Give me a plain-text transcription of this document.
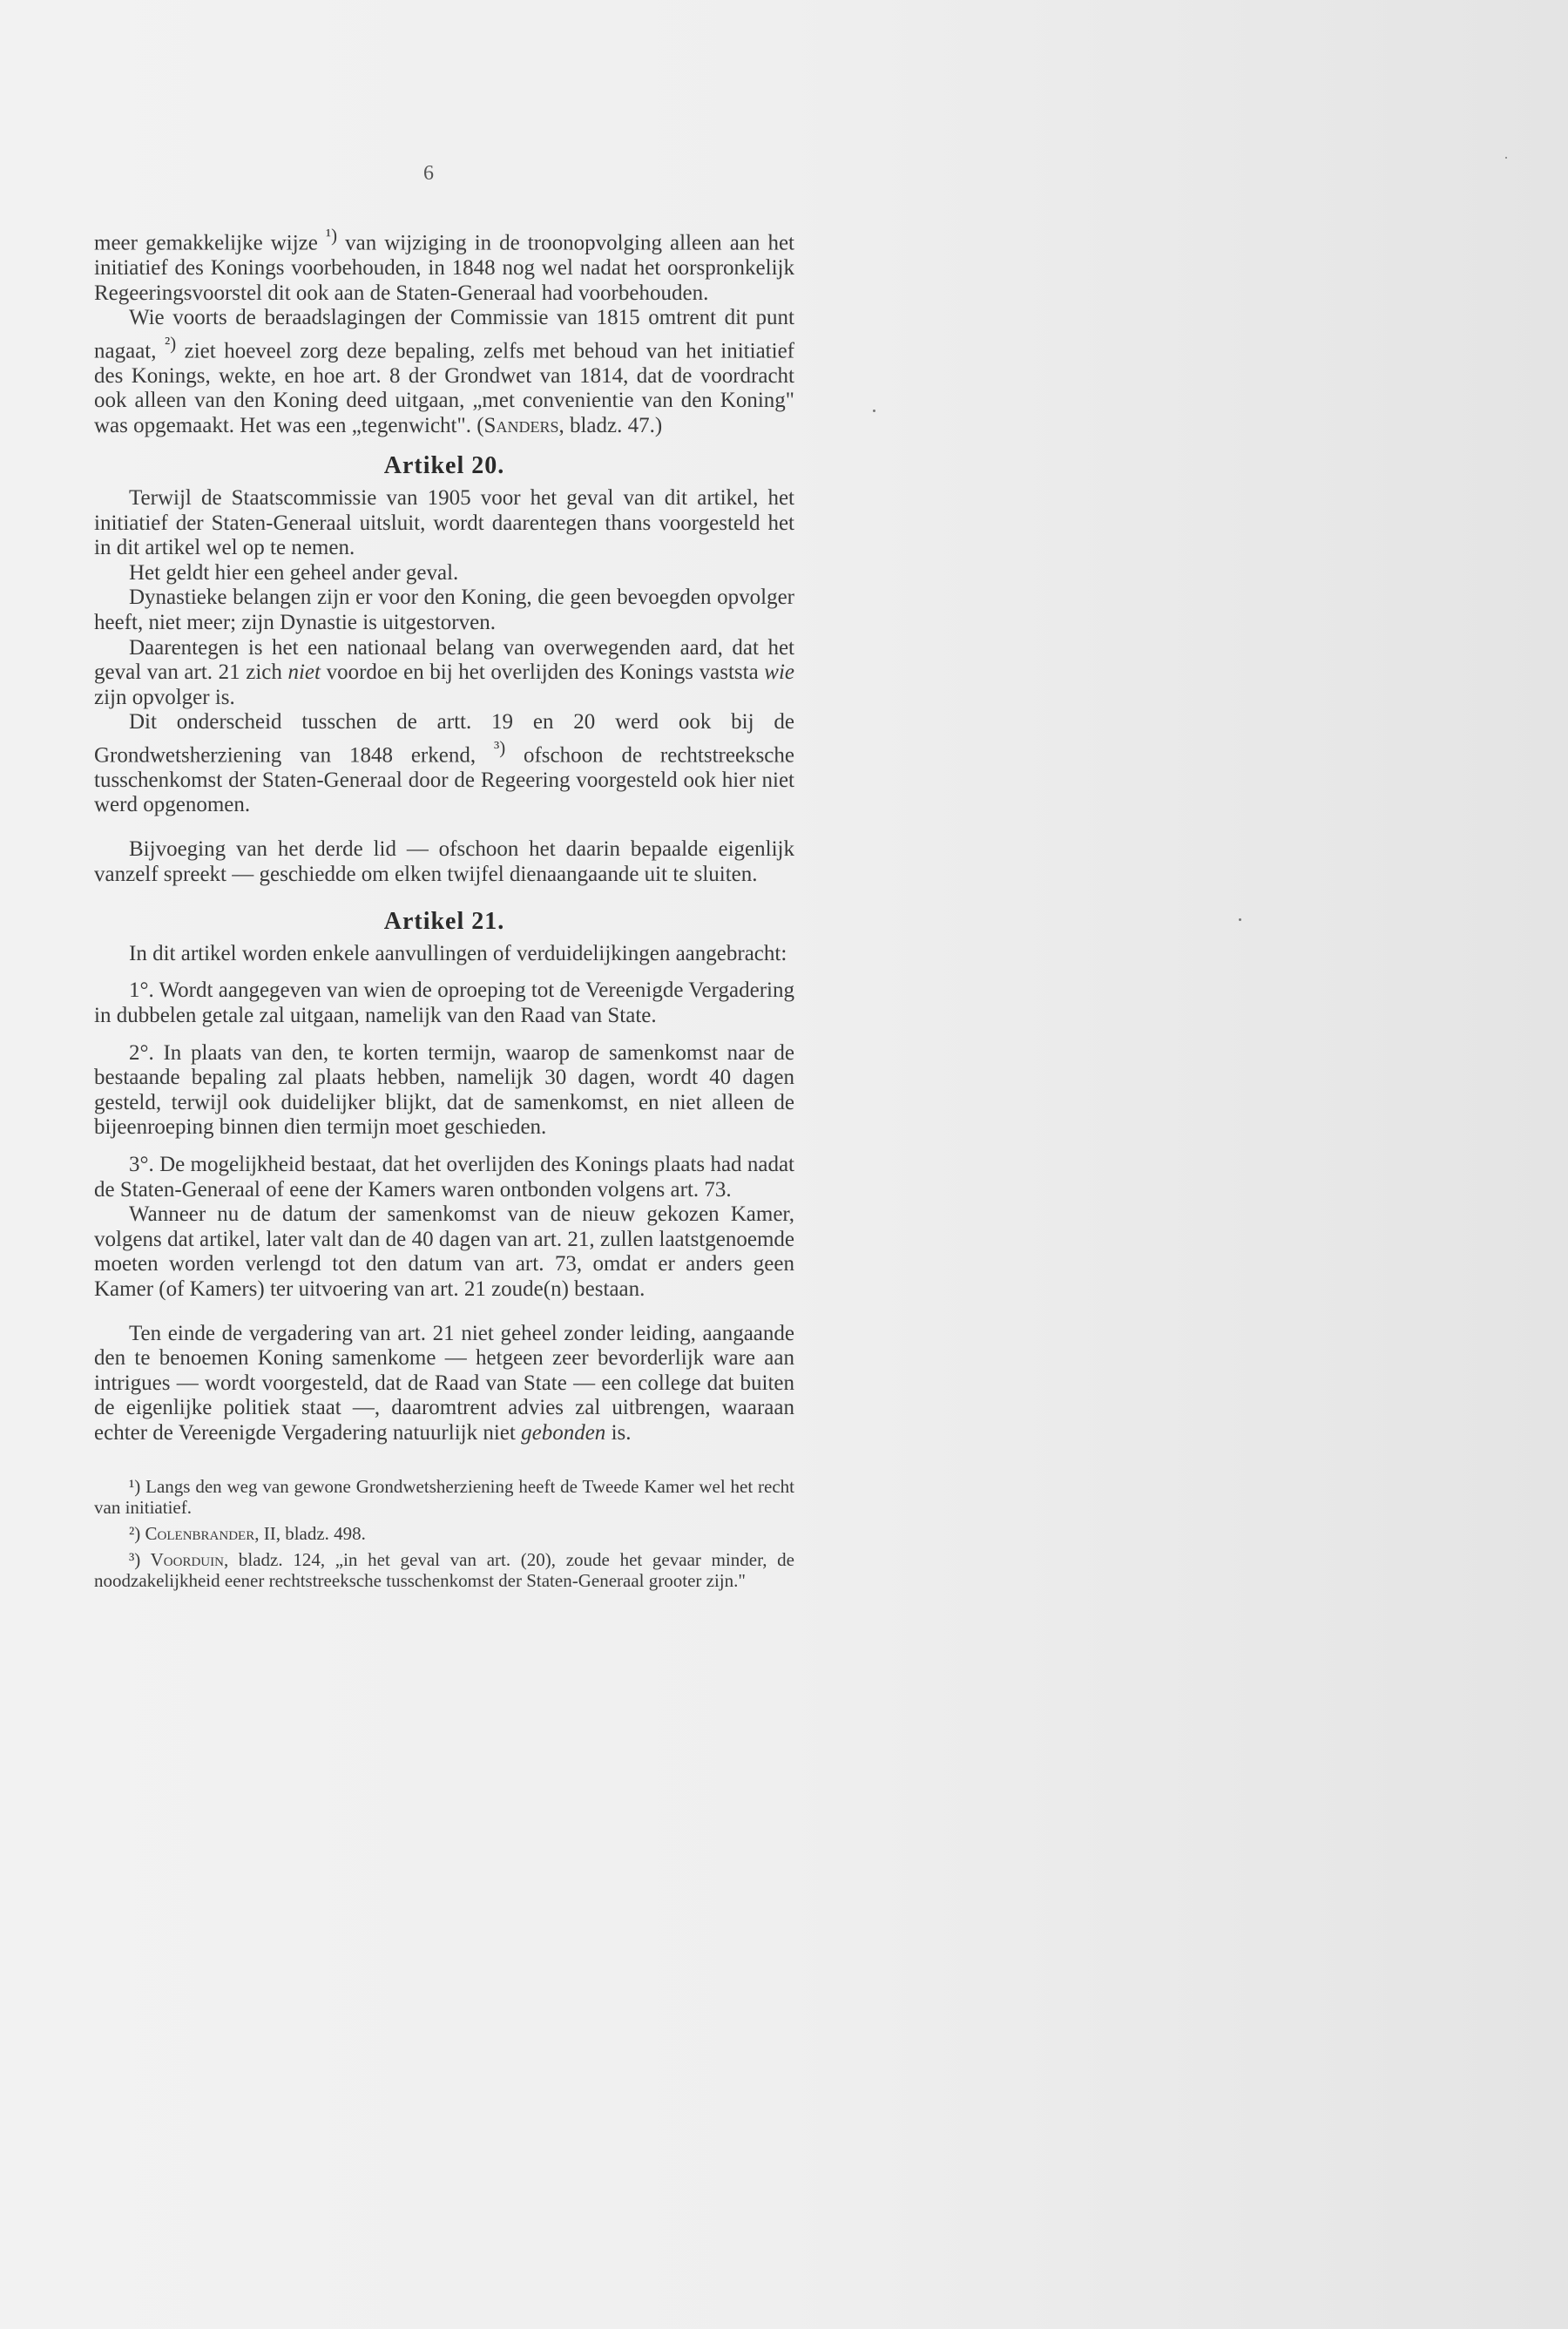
6

meer gemakkelijke wijze $^{^1)}$ van wijziging in de troonopvolging alleen aan het initiatief des Konings voorbehouden, in 1848 nog wel nadat het oorspronkelijk Regeeringsvoorstel dit ook aan de Staten-Generaal had voorbehouden.

Wie voorts de beraadslagingen der Commissie van 1815 omtrent dit punt nagaat, $^{^2)}$ ziet hoeveel zorg deze bepaling, zelfs met behoud van het initiatief des Konings, wekte, en hoe art. 8 der Grondwet van 1814, dat de voordracht ook alleen van den Koning deed uitgaan, „met convenientie van den Koning" was opgemaakt. Het was een „tegenwicht". (Sanders, bladz. 47.)

Artikel 20.

Terwijl de Staatscommissie van 1905 voor het geval van dit artikel, het initiatief der Staten-Generaal uitsluit, wordt daarentegen thans voorgesteld het in dit artikel wel op te nemen.

Het geldt hier een geheel ander geval.

Dynastieke belangen zijn er voor den Koning, die geen bevoegden opvolger heeft, niet meer; zijn Dynastie is uitgestorven.

Daarentegen is het een nationaal belang van overwegenden aard, dat het geval van art. 21 zich niet voordoe en bij het overlijden des Konings vaststa wie zijn opvolger is.

Dit onderscheid tusschen de artt. 19 en 20 werd ook bij de Grondwetsherziening van 1848 erkend, $^{^3)}$ ofschoon de rechtstreeksche tusschenkomst der Staten-Generaal door de Regeering voorgesteld ook hier niet werd opgenomen.

Bijvoeging van het derde lid — ofschoon het daarin bepaalde eigenlijk vanzelf spreekt — geschiedde om elken twijfel dienaangaande uit te sluiten.

Artikel 21.

In dit artikel worden enkele aanvullingen of verduidelijkingen aangebracht:

1°. Wordt aangegeven van wien de oproeping tot de Vereenigde Vergadering in dubbelen getale zal uitgaan, namelijk van den Raad van State.

2°. In plaats van den, te korten termijn, waarop de samenkomst naar de bestaande bepaling zal plaats hebben, namelijk 30 dagen, wordt 40 dagen gesteld, terwijl ook duidelijker blijkt, dat de samenkomst, en niet alleen de bijeenroeping binnen dien termijn moet geschieden.

3°. De mogelijkheid bestaat, dat het overlijden des Konings plaats had nadat de Staten-Generaal of eene der Kamers waren ontbonden volgens art. 73.

Wanneer nu de datum der samenkomst van de nieuw gekozen Kamer, volgens dat artikel, later valt dan de 40 dagen van art. 21, zullen laatstgenoemde moeten worden verlengd tot den datum van art. 73, omdat er anders geen Kamer (of Kamers) ter uitvoering van art. 21 zoude(n) bestaan.

Ten einde de vergadering van art. 21 niet geheel zonder leiding, aangaande den te benoemen Koning samenkome — hetgeen zeer bevorderlijk ware aan intrigues — wordt voorgesteld, dat de Raad van State — een college dat buiten de eigenlijke politiek staat —, daaromtrent advies zal uitbrengen, waaraan echter de Vereenigde Vergadering natuurlijk niet gebonden is.

¹) Langs den weg van gewone Grondwetsherziening heeft de Tweede Kamer wel het recht van initiatief.

²) Colenbrander, II, bladz. 498.

³) Voorduin, bladz. 124, „in het geval van art. (20), zoude het gevaar minder, de noodzakelijkheid eener rechtstreeksche tusschenkomst der Staten-Generaal grooter zijn."
